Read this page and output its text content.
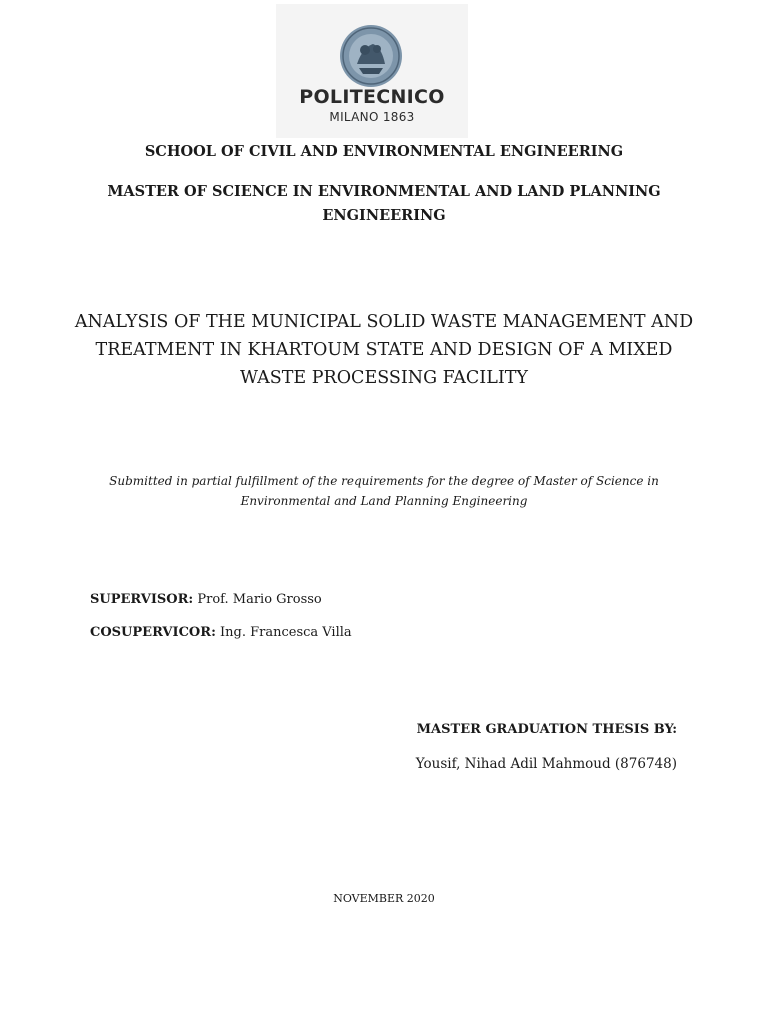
POLITECNICO
MILANO 1863
SCHOOL OF CIVIL AND ENVIRONMENTAL ENGINEERING
MASTER OF SCIENCE IN ENVIRONMENTAL AND LAND PLANNING
ENGINEERING
ANALYSIS OF THE MUNICIPAL SOLID WASTE MANAGEMENT AND
TREATMENT IN KHARTOUM STATE AND DESIGN OF A MIXED
WASTE PROCESSING FACILITY
Submitted in partial fulfillment of the requirements for the degree of Master of Science in
Environmental and Land Planning Engineering
SUPERVISOR: Prof. Mario Grosso
COSUPERVICOR: Ing. Francesca Villa
MASTER GRADUATION THESIS BY:
Yousif, Nihad Adil Mahmoud (876748)
NOVEMBER 2020
